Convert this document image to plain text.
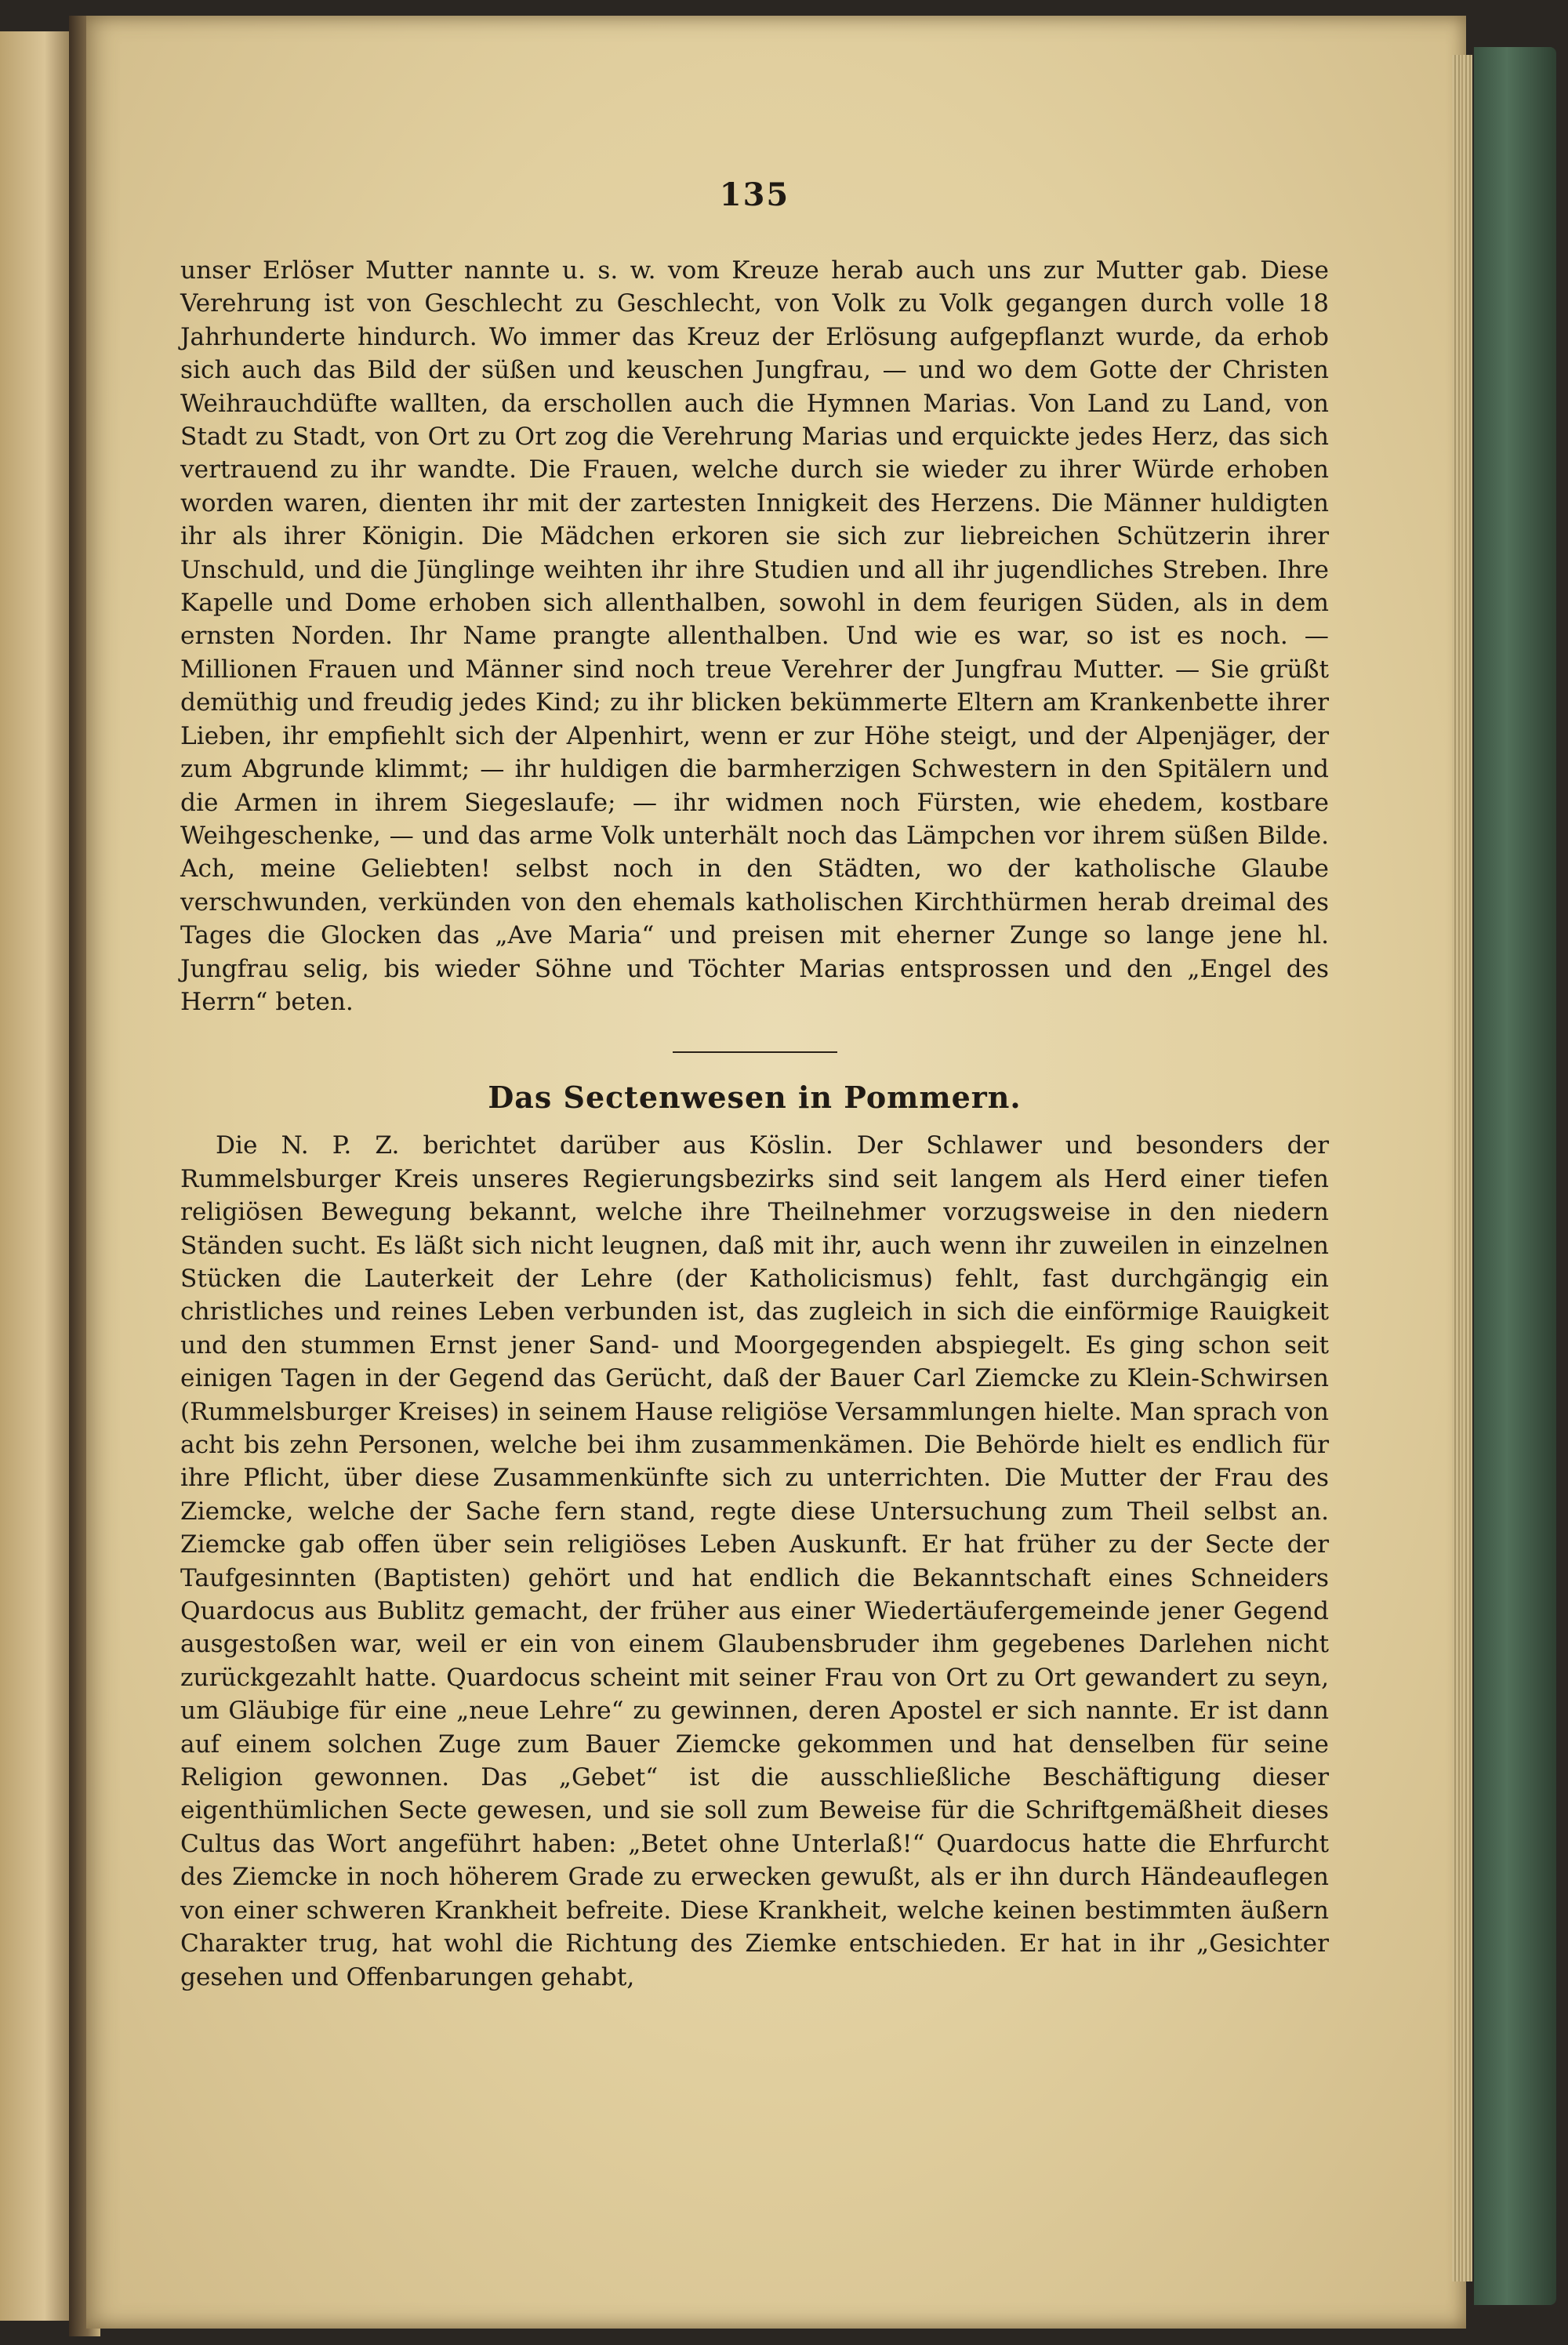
135

unser Erlöser Mutter nannte u. s. w. vom Kreuze herab auch uns zur Mutter gab. Diese Verehrung ist von Geschlecht zu Geschlecht, von Volk zu Volk gegangen durch volle 18 Jahrhunderte hindurch. Wo immer das Kreuz der Erlösung aufgepflanzt wurde, da erhob sich auch das Bild der süßen und keuschen Jungfrau, — und wo dem Gotte der Christen Weihrauchdüfte wallten, da erschollen auch die Hymnen Marias. Von Land zu Land, von Stadt zu Stadt, von Ort zu Ort zog die Verehrung Marias und erquickte jedes Herz, das sich vertrauend zu ihr wandte. Die Frauen, welche durch sie wieder zu ihrer Würde erhoben worden waren, dienten ihr mit der zartesten Innigkeit des Herzens. Die Männer huldigten ihr als ihrer Königin. Die Mädchen erkoren sie sich zur liebreichen Schützerin ihrer Unschuld, und die Jünglinge weihten ihr ihre Studien und all ihr jugendliches Streben. Ihre Kapelle und Dome erhoben sich allenthalben, sowohl in dem feurigen Süden, als in dem ernsten Norden. Ihr Name prangte allenthalben. Und wie es war, so ist es noch. — Millionen Frauen und Männer sind noch treue Verehrer der Jungfrau Mutter. — Sie grüßt demüthig und freudig jedes Kind; zu ihr blicken bekümmerte Eltern am Krankenbette ihrer Lieben, ihr empfiehlt sich der Alpenhirt, wenn er zur Höhe steigt, und der Alpenjäger, der zum Abgrunde klimmt; — ihr huldigen die barmherzigen Schwestern in den Spitälern und die Armen in ihrem Siegeslaufe; — ihr widmen noch Fürsten, wie ehedem, kostbare Weihgeschenke, — und das arme Volk unterhält noch das Lämpchen vor ihrem süßen Bilde. Ach, meine Geliebten! selbst noch in den Städten, wo der katholische Glaube verschwunden, verkünden von den ehemals katholischen Kirchthürmen herab dreimal des Tages die Glocken das „Ave Maria“ und preisen mit eherner Zunge so lange jene hl. Jungfrau selig, bis wieder Söhne und Töchter Marias entsprossen und den „Engel des Herrn“ beten.

Das Sectenwesen in Pommern.

Die N. P. Z. berichtet darüber aus Köslin. Der Schlawer und besonders der Rummelsburger Kreis unseres Regierungsbezirks sind seit langem als Herd einer tiefen religiösen Bewegung bekannt, welche ihre Theilnehmer vorzugsweise in den niedern Ständen sucht. Es läßt sich nicht leugnen, daß mit ihr, auch wenn ihr zuweilen in einzelnen Stücken die Lauterkeit der Lehre (der Katholicismus) fehlt, fast durchgängig ein christliches und reines Leben verbunden ist, das zugleich in sich die einförmige Rauigkeit und den stummen Ernst jener Sand- und Moorgegenden abspiegelt. Es ging schon seit einigen Tagen in der Gegend das Gerücht, daß der Bauer Carl Ziemcke zu Klein-Schwirsen (Rummelsburger Kreises) in seinem Hause religiöse Versammlungen hielte. Man sprach von acht bis zehn Personen, welche bei ihm zusammenkämen. Die Behörde hielt es endlich für ihre Pflicht, über diese Zusammenkünfte sich zu unterrichten. Die Mutter der Frau des Ziemcke, welche der Sache fern stand, regte diese Untersuchung zum Theil selbst an. Ziemcke gab offen über sein religiöses Leben Auskunft. Er hat früher zu der Secte der Taufgesinnten (Baptisten) gehört und hat endlich die Bekanntschaft eines Schneiders Quardocus aus Bublitz gemacht, der früher aus einer Wiedertäufergemeinde jener Gegend ausgestoßen war, weil er ein von einem Glaubensbruder ihm gegebenes Darlehen nicht zurückgezahlt hatte. Quardocus scheint mit seiner Frau von Ort zu Ort gewandert zu seyn, um Gläubige für eine „neue Lehre“ zu gewinnen, deren Apostel er sich nannte. Er ist dann auf einem solchen Zuge zum Bauer Ziemcke gekommen und hat denselben für seine Religion gewonnen. Das „Gebet“ ist die ausschließliche Beschäftigung dieser eigenthümlichen Secte gewesen, und sie soll zum Beweise für die Schriftgemäßheit dieses Cultus das Wort angeführt haben: „Betet ohne Unterlaß!“ Quardocus hatte die Ehrfurcht des Ziemcke in noch höherem Grade zu erwecken gewußt, als er ihn durch Händeauflegen von einer schweren Krankheit befreite. Diese Krankheit, welche keinen bestimmten äußern Charakter trug, hat wohl die Richtung des Ziemke entschieden. Er hat in ihr „Gesichter gesehen und Offenbarungen gehabt,
